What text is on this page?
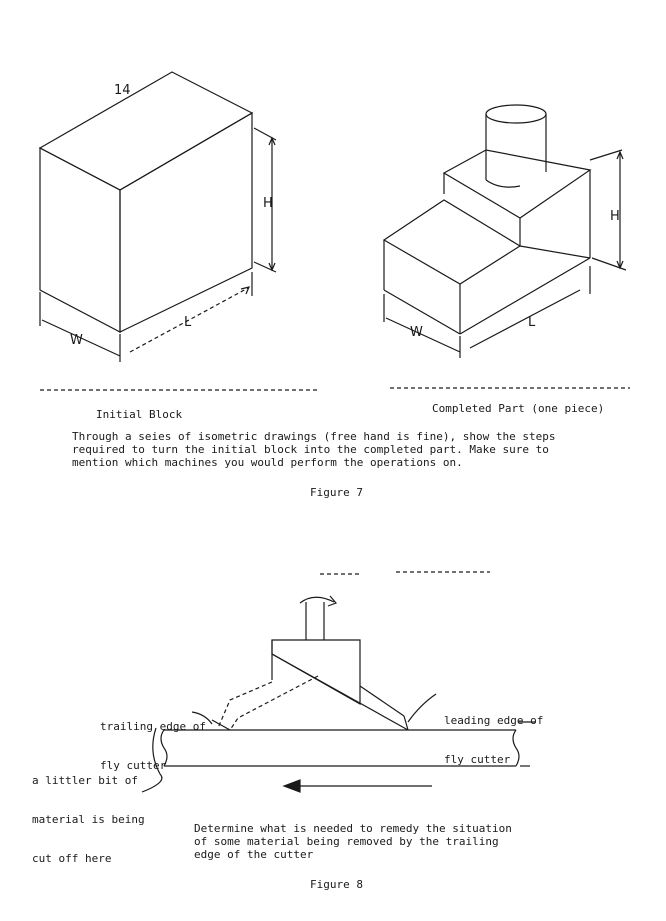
14
H
W
L
H
W
L
Initial Block	Completed Part (one piece)

Through a seies of isometric drawings (free hand is fine), show the steps

required to turn the initial block into the completed part. Make sure to

mention which machines you would perform the operations on.

Figure 7

trailing edge of

fly cutter

leading edge of

fly cutter

a littler bit of

material is being

cut off here

Determine what is needed to remedy the situation

of some material being removed by the trailing

edge of the cutter

Figure 8
